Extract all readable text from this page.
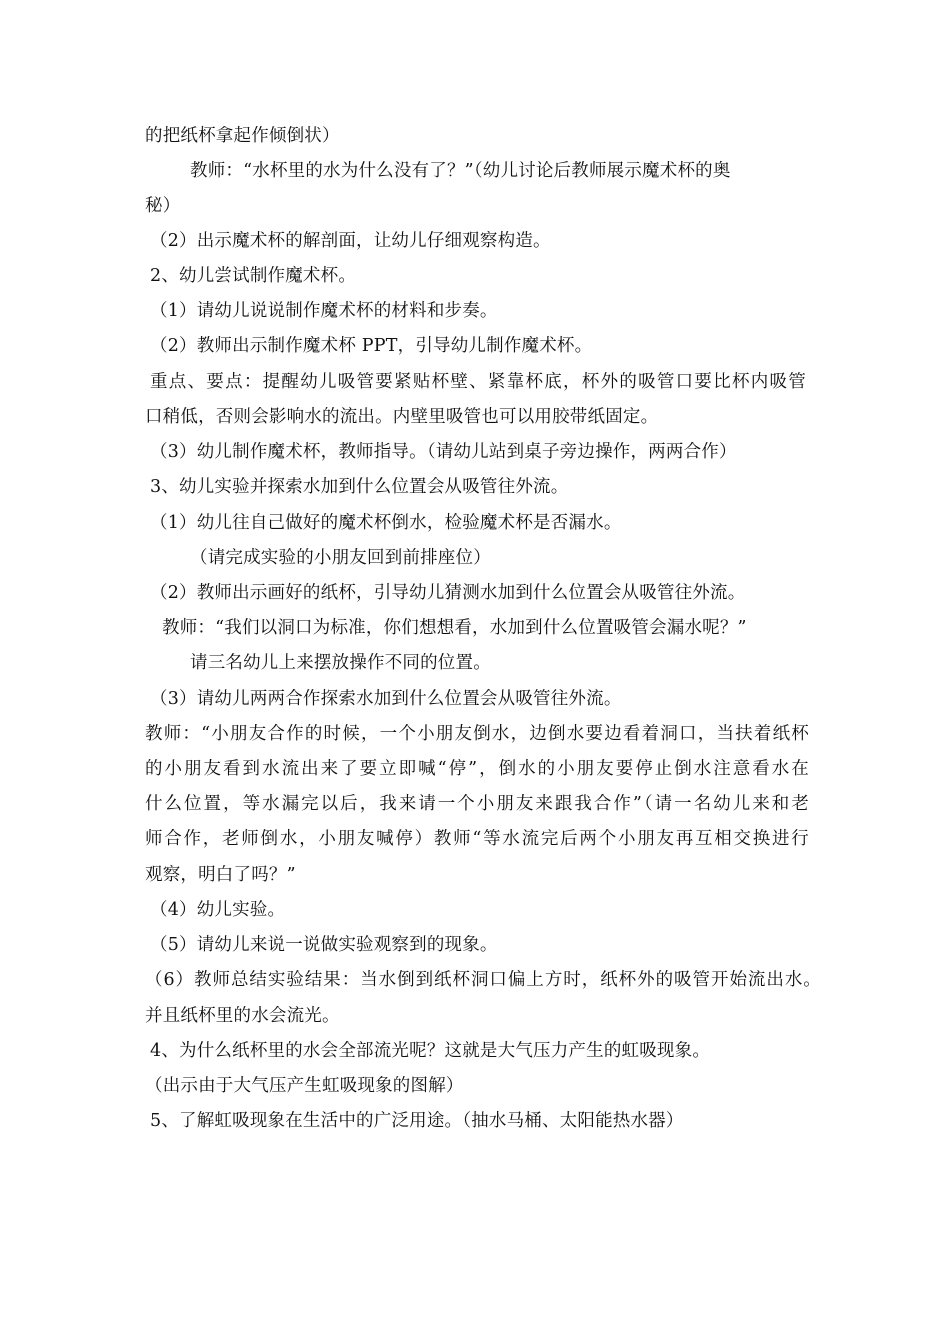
的把纸杯拿起作倾倒状）
教师：“水杯里的水为什么没有了？”（幼儿讨论后教师展示魔术杯的奥
秘）
（2）出示魔术杯的解剖面，让幼儿仔细观察构造。
2、幼儿尝试制作魔术杯。
（1）请幼儿说说制作魔术杯的材料和步奏。
（2）教师出示制作魔术杯 PPT，引导幼儿制作魔术杯。
重点、要点：提醒幼儿吸管要紧贴杯壁、紧靠杯底，杯外的吸管口要比杯内吸管
口稍低，否则会影响水的流出。内壁里吸管也可以用胶带纸固定。
（3）幼儿制作魔术杯，教师指导。（请幼儿站到桌子旁边操作，两两合作）
3、幼儿实验并探索水加到什么位置会从吸管往外流。
（1）幼儿往自己做好的魔术杯倒水，检验魔术杯是否漏水。
（请完成实验的小朋友回到前排座位）
（2）教师出示画好的纸杯，引导幼儿猜测水加到什么位置会从吸管往外流。
教师：“我们以洞口为标准，你们想想看，水加到什么位置吸管会漏水呢？”
请三名幼儿上来摆放操作不同的位置。
（3）请幼儿两两合作探索水加到什么位置会从吸管往外流。
教师：“小朋友合作的时候，一个小朋友倒水，边倒水要边看着洞口，当扶着纸杯
的小朋友看到水流出来了要立即喊“停”，倒水的小朋友要停止倒水注意看水在
什么位置，等水漏完以后，我来请一个小朋友来跟我合作”（请一名幼儿来和老
师合作，老师倒水，小朋友喊停）教师“等水流完后两个小朋友再互相交换进行
观察，明白了吗？”
（4）幼儿实验。
（5）请幼儿来说一说做实验观察到的现象。
（6）教师总结实验结果：当水倒到纸杯洞口偏上方时，纸杯外的吸管开始流出水。
并且纸杯里的水会流光。
4、为什么纸杯里的水会全部流光呢？这就是大气压力产生的虹吸现象。
（出示由于大气压产生虹吸现象的图解）
5、了解虹吸现象在生活中的广泛用途。（抽水马桶、太阳能热水器）
